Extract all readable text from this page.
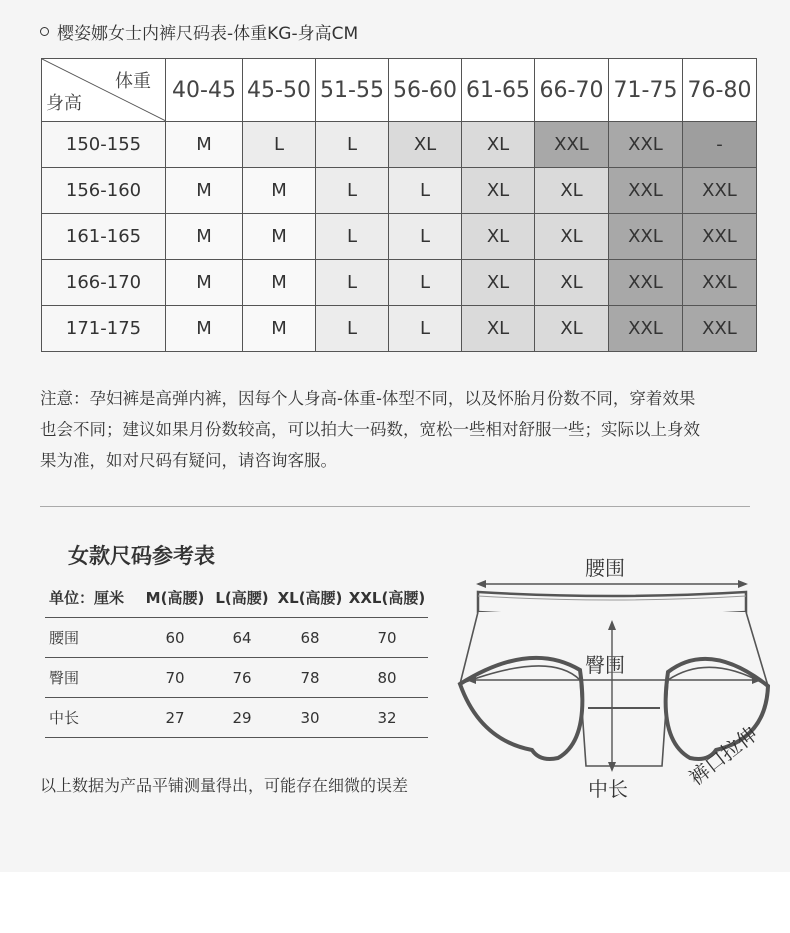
樱姿娜女士内裤尺码表-体重KG-身高CM
体重
身高	40-45	45-50	51-55	56-60	61-65	66-70	71-75	76-80
150-155	M	L	L	XL	XL	XXL	XXL	-
156-160	M	M	L	L	XL	XL	XXL	XXL
161-165	M	M	L	L	XL	XL	XXL	XXL
166-170	M	M	L	L	XL	XL	XXL	XXL
171-175	M	M	L	L	XL	XL	XXL	XXL
注意：孕妇裤是高弹内裤，因每个人身高-体重-体型不同，以及怀胎月份数不同，穿着效果
也会不同；建议如果月份数较高，可以拍大一码数，宽松一些相对舒服一些；实际以上身效
果为准，如对尺码有疑问，请咨询客服。
女款尺码参考表
单位：厘米	M(高腰)	L(高腰)	XL(高腰)	XXL(高腰)
腰围	60	64	68	70
臀围	70	76	78	80
中长	27	29	30	32
以上数据为产品平铺测量得出，可能存在细微的误差
腰围
臀围
中长	裤口拉伸
